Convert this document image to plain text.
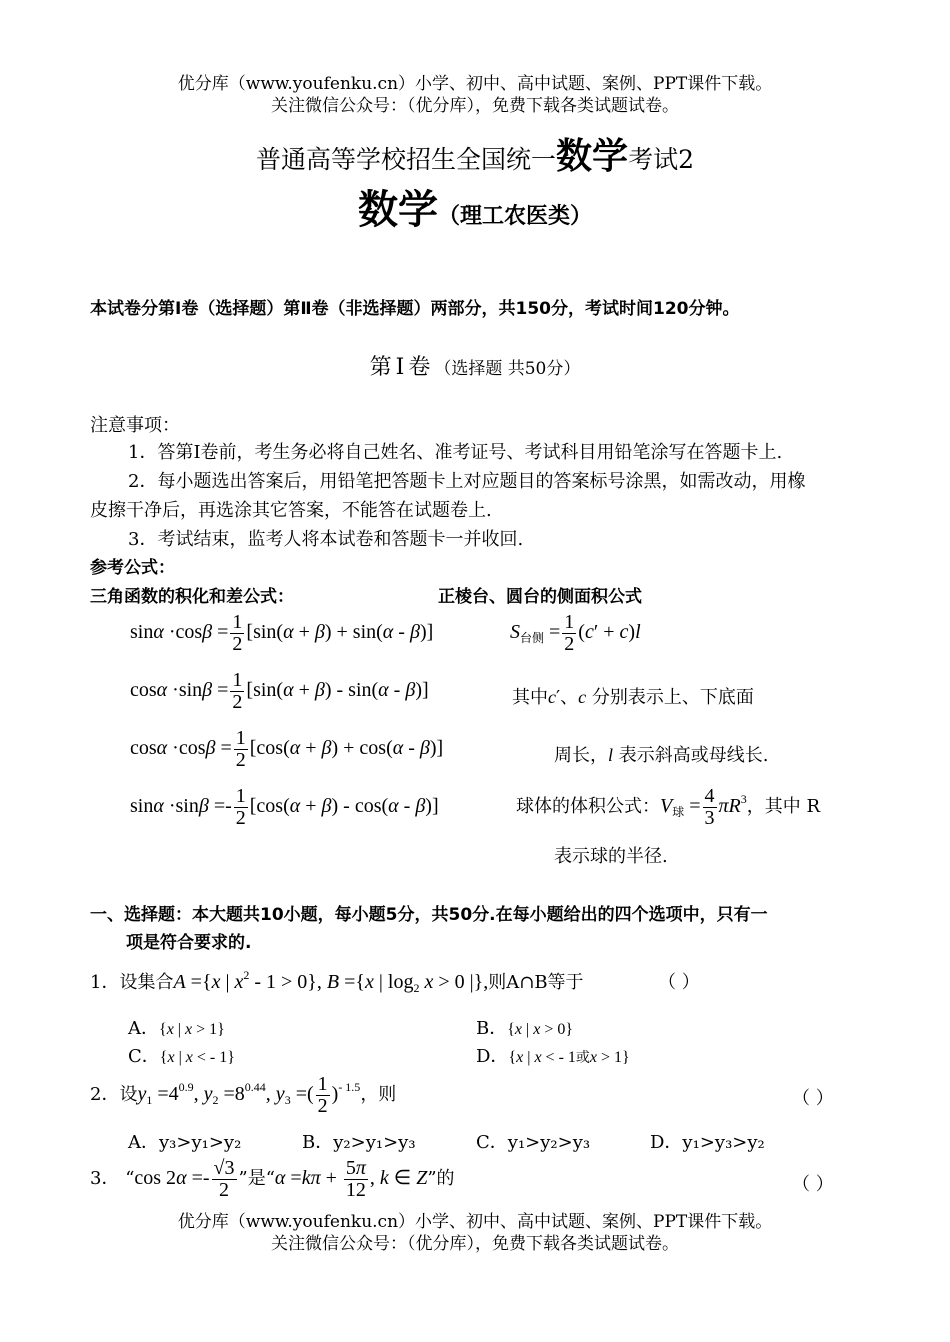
优分库（www.youfenku.cn）小学、初中、高中试题、案例、PPT课件下载。
关注微信公众号：（优分库），免费下载各类试题试卷。
普通高等学校招生全国统一数学考试2
数学（理工农医类）
本试卷分第Ⅰ卷（选择题）第Ⅱ卷（非选择题）两部分，共150分，考试时间120分钟。
第Ⅰ卷（选择题 共50分）
注意事项：
1．答第Ⅰ卷前，考生务必将自己姓名、准考证号、考试科目用铅笔涂写在答题卡上.
2．每小题选出答案后，用铅笔把答题卡上对应题目的答案标号涂黑，如需改动，用橡
皮擦干净后，再选涂其它答案，不能答在试题卷上.
3．考试结束，监考人将本试卷和答题卡一并收回.
参考公式：
三角函数的积化和差公式：	正棱台、圆台的侧面积公式
$\sin\alpha \cdot\cos\beta = \frac{1}{2} [\sin(\alpha + \beta) + \sin(\alpha - \beta)]$	$S_{台侧} = \frac{1}{2} (c' + c)l$
$\cos\alpha \cdot\sin\beta = \frac{1}{2} [\sin(\alpha + \beta) - \sin(\alpha - \beta)]$	其中c′、c 分别表示上、下底面
$\cos\alpha \cdot\cos\beta = \frac{1}{2} [\cos(\alpha + \beta) + \cos(\alpha - \beta)]$	周长，l 表示斜高或母线长.
$\sin\alpha \cdot\sin\beta =- \frac{1}{2} [\cos(\alpha + \beta) - \cos(\alpha - \beta)]$	球体的体积公式：$V_球 = \frac{4}{3} \pi R^3$，其中 R
表示球的半径.
一、选择题：本大题共10小题，每小题5分，共50分.在每小题给出的四个选项中，只有一
项是符合要求的.
1．设集合A ={x | $x^2 - 1 > 0$}, B ={x | $\log_2 x > 0$ |},则A∩B等于	（ ）
A．{x | x > 1}	B．{x | x > 0}
C．{x | x < - 1}	D．{x | x < - 1或x > 1}
2．设$y_1 =4^{0.9}$, $y_2 =8^{0.44}$, $y_3$ =( $\frac{1}{2} )^{- 1.5}$，则	（ ）
A．y₃>y₁>y₂	B．y₂>y₁>y₃	C．y₁>y₂>y₃	D．y₁>y₃>y₂
3． “cos $2\alpha =- \frac{√3}{2}$ ”是“$\alpha =k\pi + \frac{5\pi}{12}$ , k ∈ Z”的	（ ）
优分库（www.youfenku.cn）小学、初中、高中试题、案例、PPT课件下载。
关注微信公众号：（优分库），免费下载各类试题试卷。
